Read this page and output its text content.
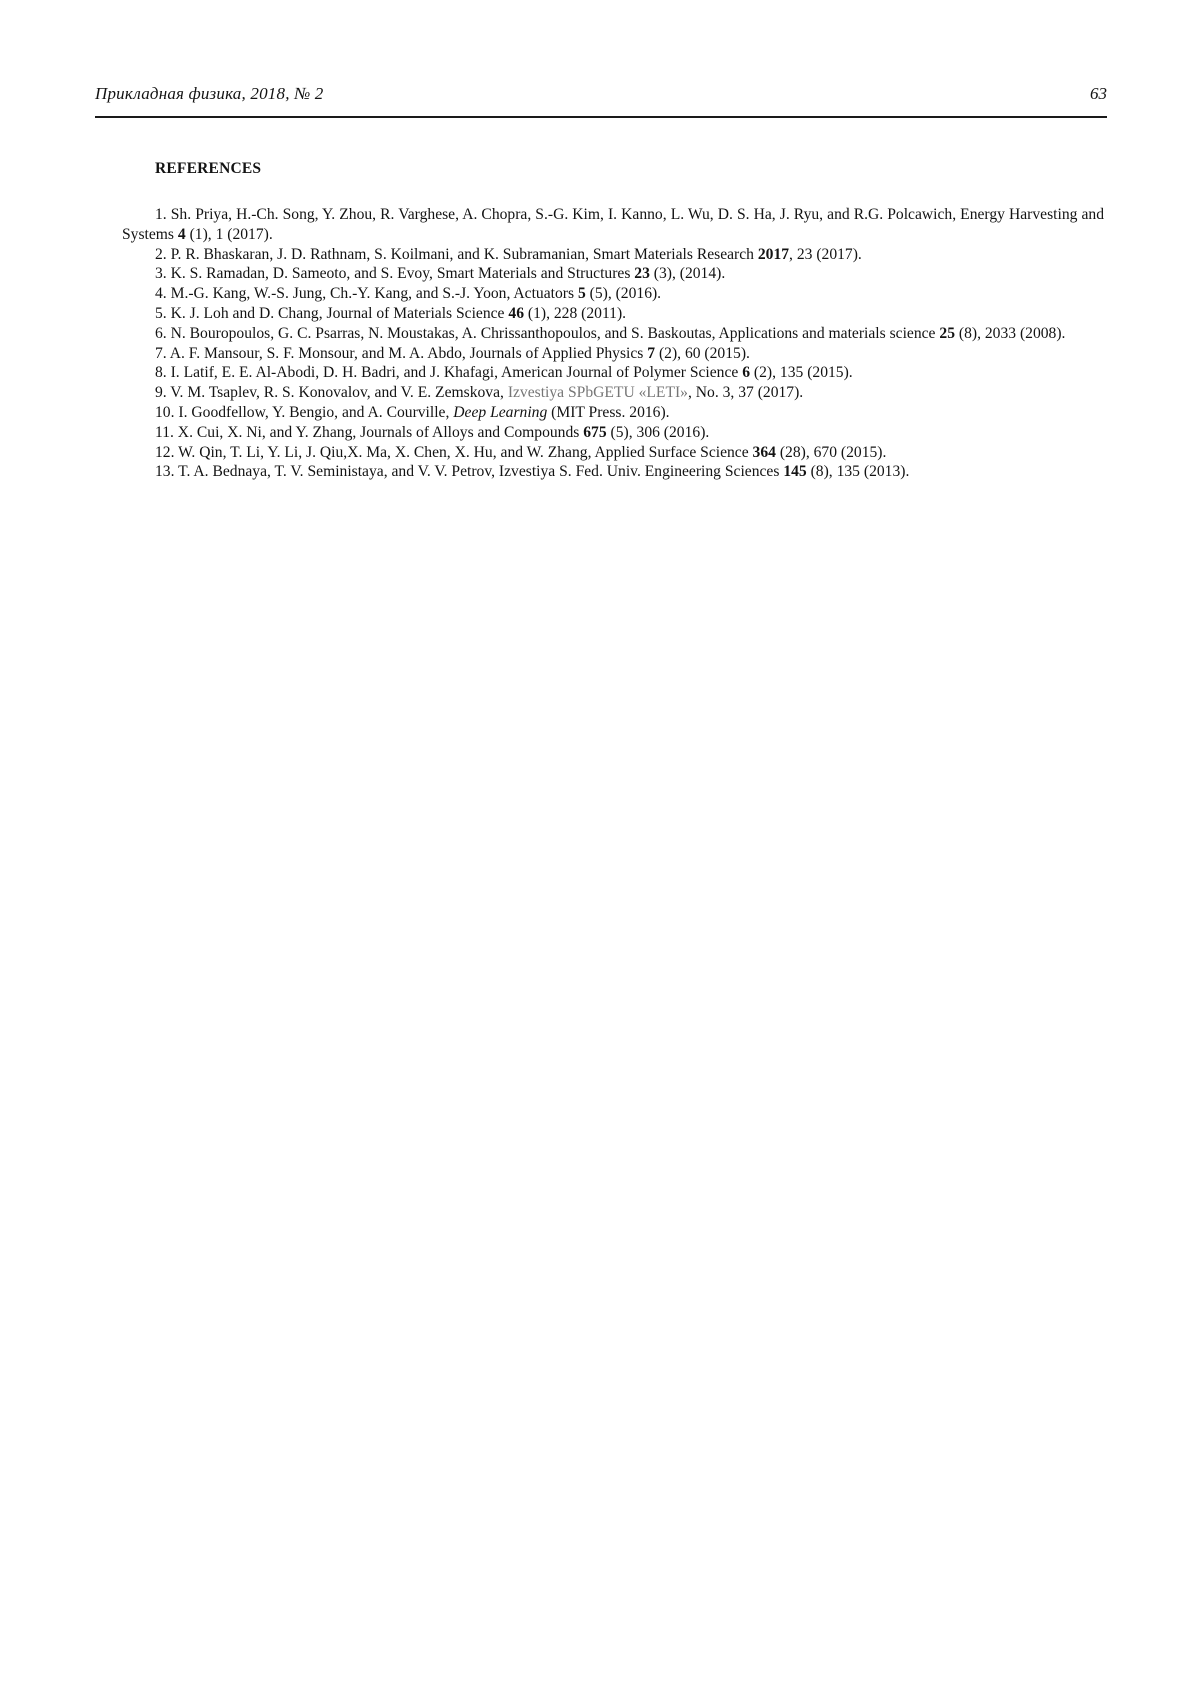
Прикладная физика, 2018, № 2	63
REFERENCES

1. Sh. Priya, H.-Ch. Song, Y. Zhou, R. Varghese, A. Chopra, S.-G. Kim, I. Kanno, L. Wu, D. S. Ha, J. Ryu, and R.G. Polcawich, Energy Harvesting and Systems 4 (1), 1 (2017).

2. P. R. Bhaskaran, J. D. Rathnam, S. Koilmani, and K. Subramanian, Smart Materials Research 2017, 23 (2017).

3. K. S. Ramadan, D. Sameoto, and S. Evoy, Smart Materials and Structures 23 (3), (2014).

4. M.-G. Kang, W.-S. Jung, Ch.-Y. Kang, and S.-J. Yoon, Actuators 5 (5), (2016).

5. K. J. Loh and D. Chang, Journal of Materials Science 46 (1), 228 (2011).

6. N. Bouropoulos, G. C. Psarras, N. Moustakas, A. Chrissanthopoulos, and S. Baskoutas, Applications and materials science 25 (8), 2033 (2008).

7. A. F. Mansour, S. F. Monsour, and M. A. Abdo, Journals of Applied Physics 7 (2), 60 (2015).

8. I. Latif, E. E. Al-Abodi, D. H. Badri, and J. Khafagi, American Journal of Polymer Science 6 (2), 135 (2015).

9. V. M. Tsaplev, R. S. Konovalov, and V. E. Zemskova, Izvestiya SPbGETU «LETI», No. 3, 37 (2017).

10. I. Goodfellow, Y. Bengio, and A. Courville, Deep Learning (MIT Press. 2016).

11. X. Cui, X. Ni, and Y. Zhang, Journals of Alloys and Compounds 675 (5), 306 (2016).

12. W. Qin, T. Li, Y. Li, J. Qiu,X. Ma, X. Chen, X. Hu, and W. Zhang, Applied Surface Science 364 (28), 670 (2015).

13. T. A. Bednaya, T. V. Seministaya, and V. V. Petrov, Izvestiya S. Fed. Univ. Engineering Sciences 145 (8), 135 (2013).
